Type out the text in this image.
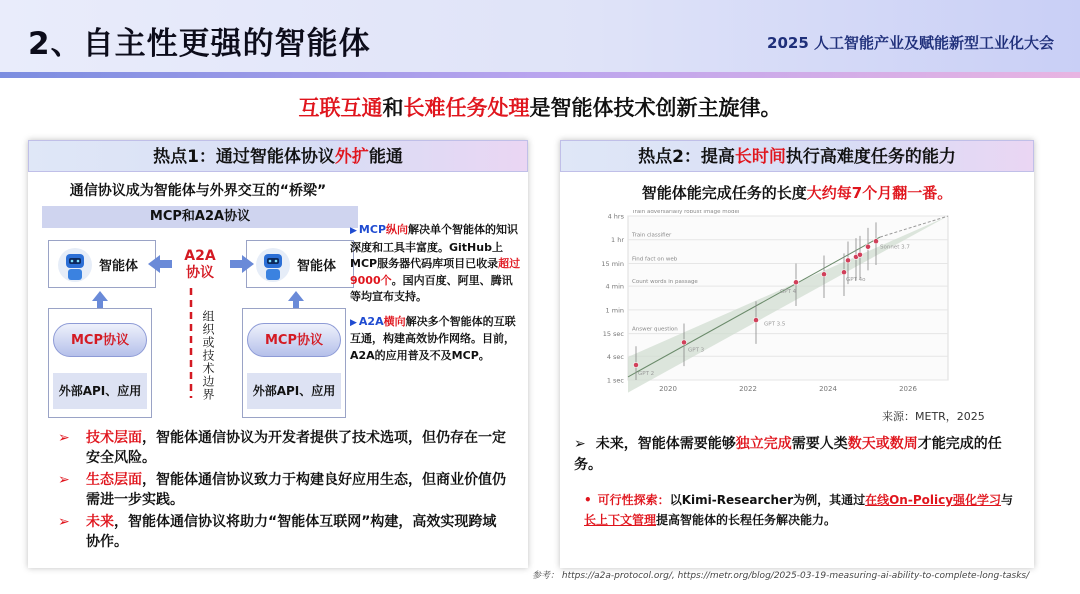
2、自主性更强的智能体	2025 人工智能产业及赋能新型工业化大会
互联互通和长难任务处理是智能体技术创新主旋律。
热点1：通过智能体协议外扩能通
通信协议成为智能体与外界交互的“桥梁”
MCP和A2A协议
智能体	智能体
A2A
协议
MCP协议
外部API、应用
MCP协议
外部API、应用
组织或技术边界

▶ MCP纵向解决单个智能体的知识深度和工具丰富度。GitHub上MCP服务器代码库项目已收录超过9000个。国内百度、阿里、腾讯等均宣布支持。

▶ A2A横向解决多个智能体的互联互通，构建高效协作网络。目前，A2A的应用普及不及MCP。

➢ 技术层面，智能体通信协议为开发者提供了技术选项，但仍存在一定安全风险。
➢ 生态层面，智能体通信协议致力于构建良好应用生态，但商业价值仍需进一步实践。
➢ 未来，智能体通信协议将助力“智能体互联网”构建，高效实现跨域协作。
热点2：提高长时间执行高难度任务的能力
智能体能完成任务的长度大约每7个月翻一番。
1 sec
4 sec
15 sec
1 min
4 min
15 min
1 hr
4 hrs
Train adversarially robust image model
Train classifier
Find fact on web
Count words in passage
Answer question
2020	2022	2024	2026
GPT 2
GPT 3
GPT 3.5
GPT 4
GPT 4o
Sonnet 3.7
来源：METR，2025
➢ 未来，智能体需要能够独立完成需要人类数天或数周才能完成的任务。
• 可行性探索：以Kimi-Researcher为例，其通过在线On-Policy强化学习与长上下文管理提高智能体的长程任务解决能力。
参考： https://a2a-protocol.org/, https://metr.org/blog/2025-03-19-measuring-ai-ability-to-complete-long-tasks/
